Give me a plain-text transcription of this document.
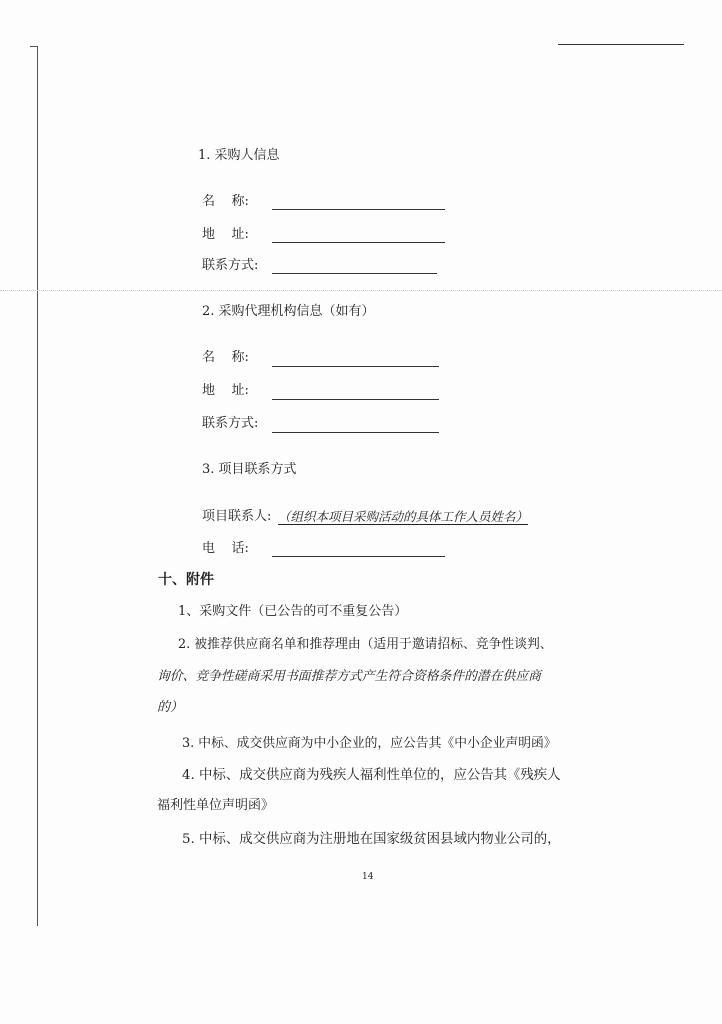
1. 采购人信息
名    称:
地    址:
联系方式:
2. 采购代理机构信息（如有）
名    称:
地    址:
联系方式:
3. 项目联系方式
项目联系人: （组织本项目采购活动的具体工作人员姓名）
电    话:
十、附件
1、采购文件（已公告的可不重复公告）
2. 被推荐供应商名单和推荐理由（适用于邀请招标、竞争性谈判、
询价、竞争性磋商采用书面推荐方式产生符合资格条件的潜在供应商
的）
3. 中标、成交供应商为中小企业的，应公告其《中小企业声明函》
4. 中标、成交供应商为残疾人福利性单位的，应公告其《残疾人
福利性单位声明函》
5. 中标、成交供应商为注册地在国家级贫困县域内物业公司的，
14
